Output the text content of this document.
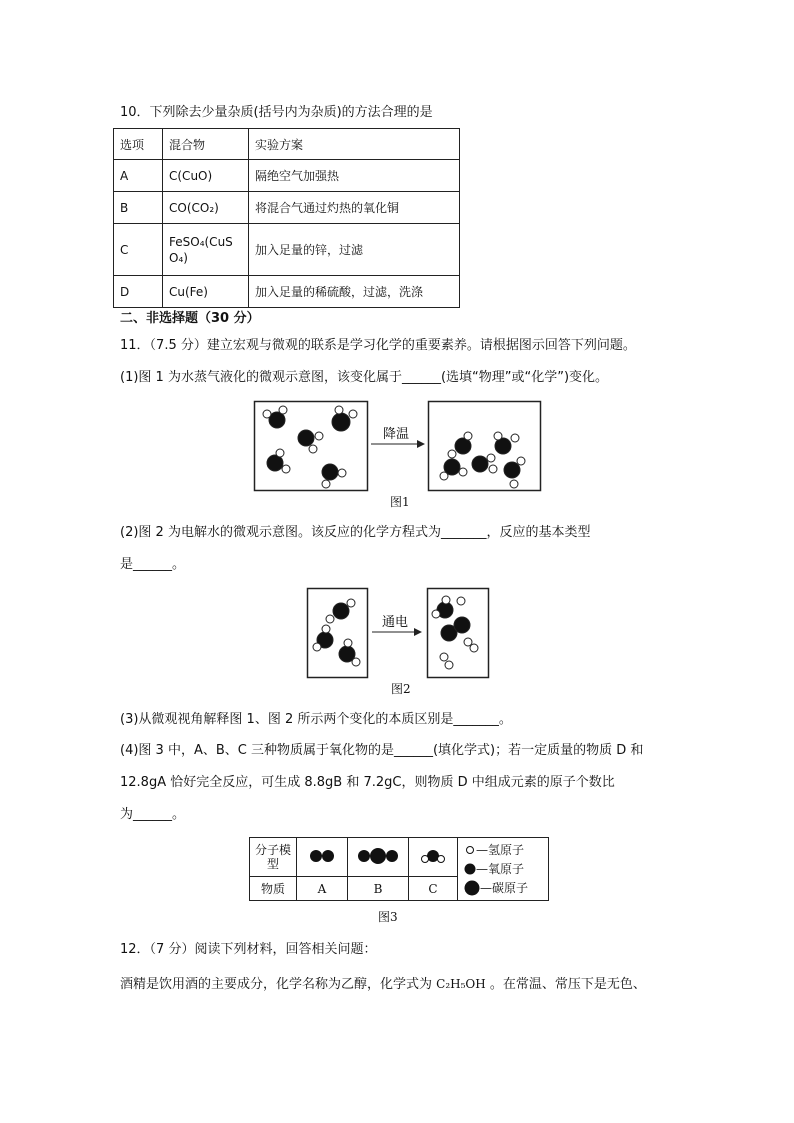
10．下列除去少量杂质(括号内为杂质)的方法合理的是
选项	混合物	实验方案
A	C(CuO)	隔绝空气加强热
B	CO(CO₂)	将混合气通过灼热的氧化铜
C	FeSO₄(CuSO₄)	加入足量的锌，过滤
D	Cu(Fe)	加入足量的稀硫酸，过滤，洗涤
二、非选择题（30 分）
11．（7.5 分）建立宏观与微观的联系是学习化学的重要素养。请根据图示回答下列问题。
(1)图 1 为水蒸气液化的微观示意图，该变化属于______(选填“物理”或“化学”)变化。
降温
图1
(2)图 2 为电解水的微观示意图。该反应的化学方程式为_______，反应的基本类型
是______。
通电
图2
(3)从微观视角解释图 1、图 2 所示两个变化的本质区别是_______。
(4)图 3 中，A、B、C 三种物质属于氧化物的是______(填化学式)；若一定质量的物质 D 和
12.8gA 恰好完全反应，可生成 8.8gB 和 7.2gC，则物质 D 中组成元素的原子个数比
为______。
分子模型				—氢原子
—氧原子
—碳原子

物质	A	B	C	
图3
12．（7 分）阅读下列材料，回答相关问题：
酒精是饮用酒的主要成分，化学名称为乙醇，化学式为 C₂H₅OH 。在常温、常压下是无色、
